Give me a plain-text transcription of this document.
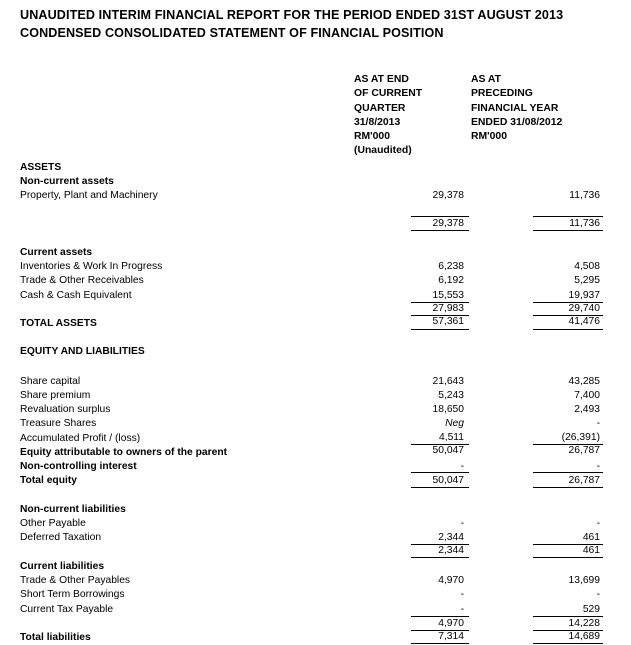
UNAUDITED INTERIM FINANCIAL REPORT FOR THE PERIOD ENDED 31ST AUGUST 2013
CONDENSED CONSOLIDATED STATEMENT OF FINANCIAL POSITION
AS AT END
OF CURRENT
QUARTER
31/8/2013
RM'000
(Unaudited)
AS AT
PRECEDING
FINANCIAL YEAR
ENDED 31/08/2012
RM'000
ASSETS
Non-current assets
Property, Plant and Machinery	29,378	11,736
29,378	11,736
Current assets
Inventories & Work In Progress	6,238	4,508
Trade & Other Receivables	6,192	5,295
Cash & Cash Equivalent	15,553	19,937
27,983	29,740
TOTAL ASSETS	57,361	41,476
EQUITY AND LIABILITIES
Share capital	21,643	43,285
Share premium	5,243	7,400
Revaluation surplus	18,650	2,493
Treasure Shares	Neg	-
Accumulated Profit / (loss)	4,511	(26,391)
Equity attributable to owners of the parent	50,047	26,787
Non-controlling interest	-	-
Total equity	50,047	26,787
Non-current liabilities
Other Payable	-	-
Deferred Taxation	2,344	461
2,344	461
Current liabilities
Trade & Other Payables	4,970	13,699
Short Term Borrowings	-	-
Current Tax Payable	-	529
4,970	14,228
Total liabilities	7,314	14,689
